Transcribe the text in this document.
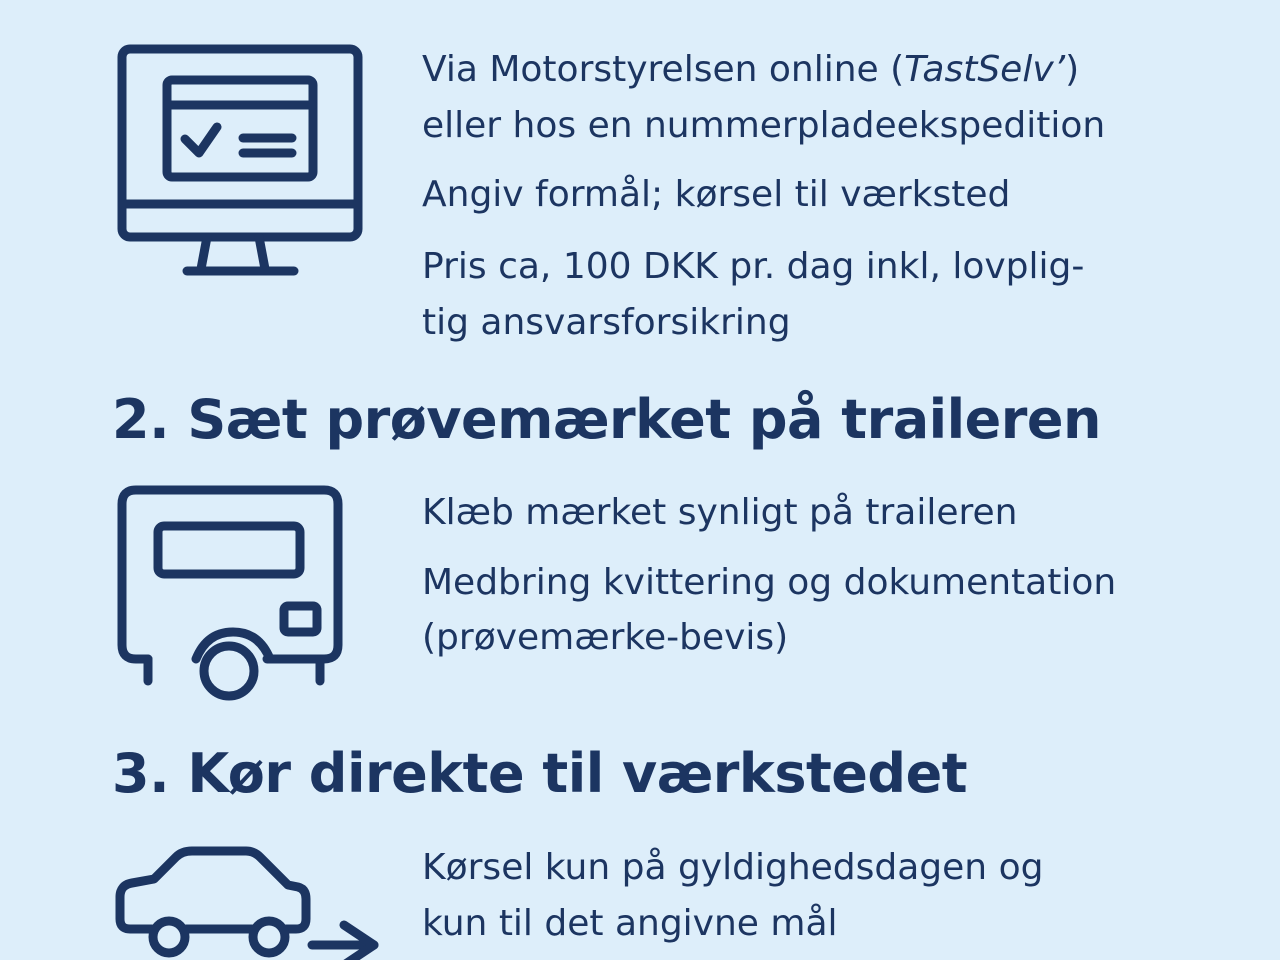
Via Motorstyrelsen online (TastSelv’)
eller hos en nummerpladeekspedition
Angiv formål; kørsel til værksted
Pris ca, 100 DKK pr. dag inkl, lovplig-
tig ansvarsforsikring
2. Sæt prøvemærket på traileren
Klæb mærket synligt på traileren
Medbring kvittering og dokumentation
(prøvemærke-bevis)
3. Kør direkte til værkstedet
Kørsel kun på gyldighedsdagen og
kun til det angivne mål
